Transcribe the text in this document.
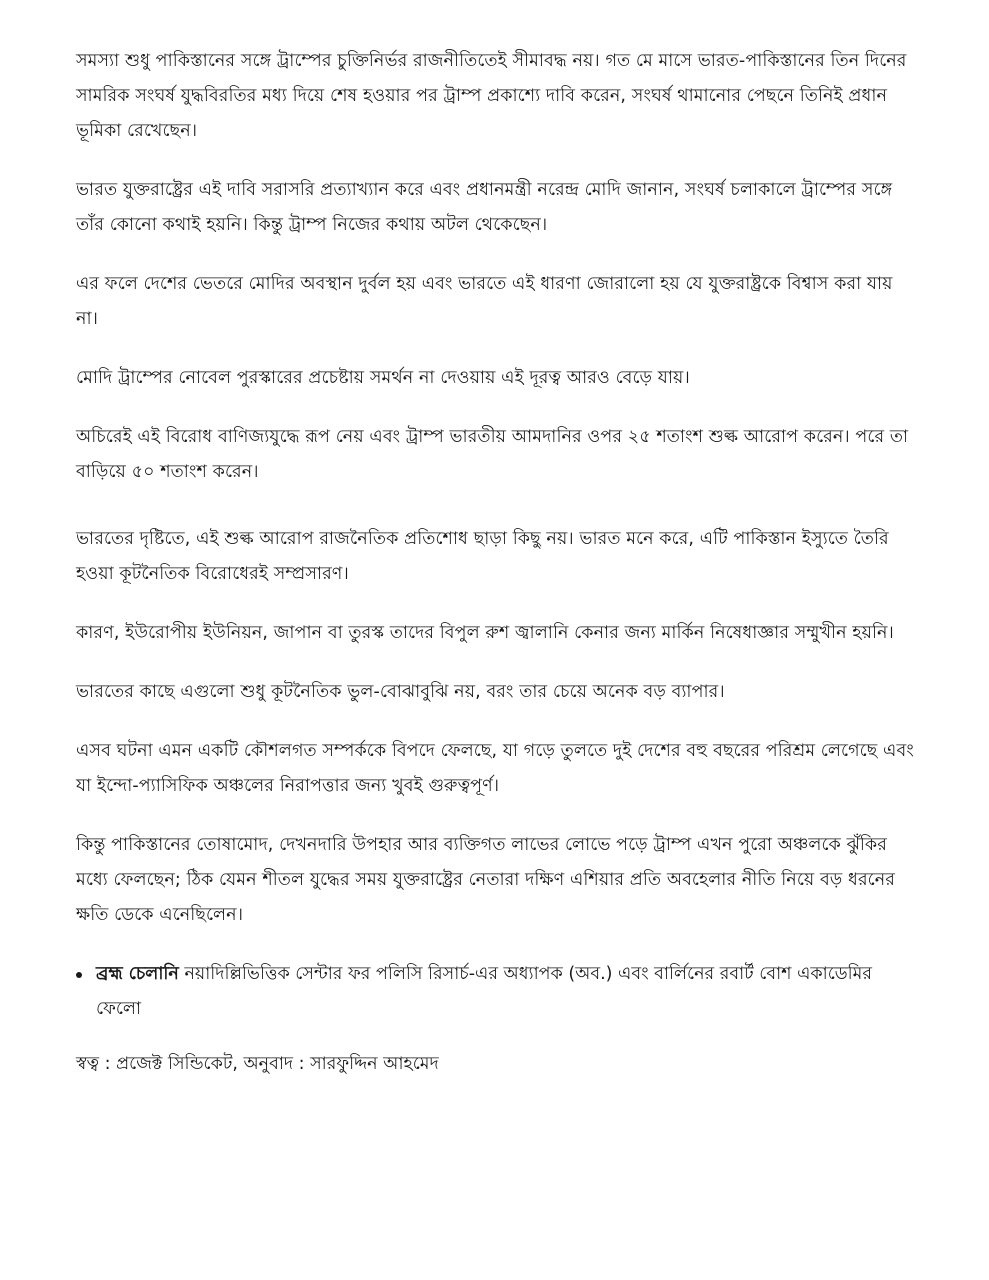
সমস্যা শুধু পাকিস্তানের সঙ্গে ট্রাম্পের চুক্তিনির্ভর রাজনীতিতেই সীমাবদ্ধ নয়। গত মে মাসে ভারত-পাকিস্তানের তিন দিনের সামরিক সংঘর্ষ যুদ্ধবিরতির মধ্য দিয়ে শেষ হওয়ার পর ট্রাম্প প্রকাশ্যে দাবি করেন, সংঘর্ষ থামানোর পেছনে তিনিই প্রধান ভূমিকা রেখেছেন।

ভারত যুক্তরাষ্ট্রের এই দাবি সরাসরি প্রত্যাখ্যান করে এবং প্রধানমন্ত্রী নরেন্দ্র মোদি জানান, সংঘর্ষ চলাকালে ট্রাম্পের সঙ্গে তাঁর কোনো কথাই হয়নি। কিন্তু ট্রাম্প নিজের কথায় অটল থেকেছেন।

এর ফলে দেশের ভেতরে মোদির অবস্থান দুর্বল হয় এবং ভারতে এই ধারণা জোরালো হয় যে যুক্তরাষ্ট্রকে বিশ্বাস করা যায় না।

মোদি ট্রাম্পের নোবেল পুরস্কারের প্রচেষ্টায় সমর্থন না দেওয়ায় এই দূরত্ব আরও বেড়ে যায়।

অচিরেই এই বিরোধ বাণিজ্যযুদ্ধে রূপ নেয় এবং ট্রাম্প ভারতীয় আমদানির ওপর ২৫ শতাংশ শুল্ক আরোপ করেন। পরে তা বাড়িয়ে ৫০ শতাংশ করেন।

ভারতের দৃষ্টিতে, এই শুল্ক আরোপ রাজনৈতিক প্রতিশোধ ছাড়া কিছু নয়। ভারত মনে করে, এটি পাকিস্তান ইস্যুতে তৈরি হওয়া কূটনৈতিক বিরোধেরই সম্প্রসারণ।

কারণ, ইউরোপীয় ইউনিয়ন, জাপান বা তুরস্ক তাদের বিপুল রুশ জ্বালানি কেনার জন্য মার্কিন নিষেধাজ্ঞার সম্মুখীন হয়নি।

ভারতের কাছে এগুলো শুধু কূটনৈতিক ভুল-বোঝাবুঝি নয়, বরং তার চেয়ে অনেক বড় ব্যাপার।

এসব ঘটনা এমন একটি কৌশলগত সম্পর্ককে বিপদে ফেলছে, যা গড়ে তুলতে দুই দেশের বহু বছরের পরিশ্রম লেগেছে এবং যা ইন্দো-প্যাসিফিক অঞ্চলের নিরাপত্তার জন্য খুবই গুরুত্বপূর্ণ।

কিন্তু পাকিস্তানের তোষামোদ, দেখনদারি উপহার আর ব্যক্তিগত লাভের লোভে পড়ে ট্রাম্প এখন পুরো অঞ্চলকে ঝুঁকির মধ্যে ফেলছেন; ঠিক যেমন শীতল যুদ্ধের সময় যুক্তরাষ্ট্রের নেতারা দক্ষিণ এশিয়ার প্রতি অবহেলার নীতি নিয়ে বড় ধরনের ক্ষতি ডেকে এনেছিলেন।

ব্রহ্ম চেলানি নয়াদিল্লিভিত্তিক সেন্টার ফর পলিসি রিসার্চ-এর অধ্যাপক (অব.) এবং বার্লিনের রবার্ট বোশ একাডেমির ফেলো

স্বত্ব : প্রজেক্ট সিন্ডিকেট, অনুবাদ : সারফুদ্দিন আহমেদ
